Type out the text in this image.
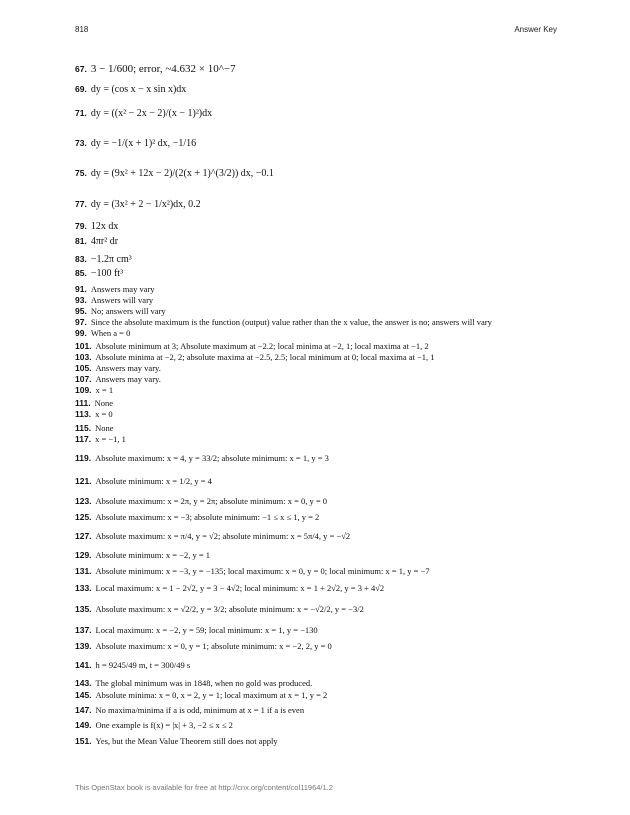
818	Answer Key
67. 3 − 1/600; error, ~4.632 × 10^−7
69. dy = (cos x − x sin x)dx
71. dy = ((x² − 2x − 2)/(x − 1)²)dx
73. dy = −1/(x + 1)² dx, −1/16
75. dy = (9x² + 12x − 2)/(2(x + 1)^(3/2)) dx, −0.1
77. dy = (3x² + 2 − 1/x²)dx, 0.2
79. 12x dx
81. 4πr² dr
83. −1.2π cm³
85. −100 ft³
91. Answers may vary
93. Answers will vary
95. No; answers will vary
97. Since the absolute maximum is the function (output) value rather than the x value, the answer is no; answers will vary
99. When a = 0
101. Absolute minimum at 3; Absolute maximum at −2.2; local minima at −2, 1; local maxima at −1, 2
103. Absolute minima at −2, 2; absolute maxima at −2.5, 2.5; local minimum at 0; local maxima at −1, 1
105. Answers may vary.
107. Answers may vary.
109. x = 1
111. None
113. x = 0
115. None
117. x = −1, 1
119. Absolute maximum: x = 4, y = 33/2; absolute minimum: x = 1, y = 3
121. Absolute minimum: x = 1/2, y = 4
123. Absolute maximum: x = 2π, y = 2π; absolute minimum: x = 0, y = 0
125. Absolute maximum: x = −3; absolute minimum: −1 ≤ x ≤ 1, y = 2
127. Absolute maximum: x = π/4, y = √2; absolute minimum: x = 5π/4, y = −√2
129. Absolute minimum: x = −2, y = 1
131. Absolute minimum: x = −3, y = −135; local maximum: x = 0, y = 0; local minimum: x = 1, y = −7
133. Local maximum: x = 1 − 2√2, y = 3 − 4√2; local minimum: x = 1 + 2√2, y = 3 + 4√2
135. Absolute maximum: x = √2/2, y = 3/2; absolute minimum: x = −√2/2, y = −3/2
137. Local maximum: x = −2, y = 59; local minimum: x = 1, y = −130
139. Absolute maximum: x = 0, y = 1; absolute minimum: x = −2, 2, y = 0
141. h = 9245/49 m, t = 300/49 s
143. The global minimum was in 1848, when no gold was produced.
145. Absolute minima: x = 0, x = 2, y = 1; local maximum at x = 1, y = 2
147. No maxima/minima if a is odd, minimum at x = 1 if a is even
149. One example is f(x) = |x| + 3, −2 ≤ x ≤ 2
151. Yes, but the Mean Value Theorem still does not apply
This OpenStax book is available for free at http://cnx.org/content/col11964/1.2
